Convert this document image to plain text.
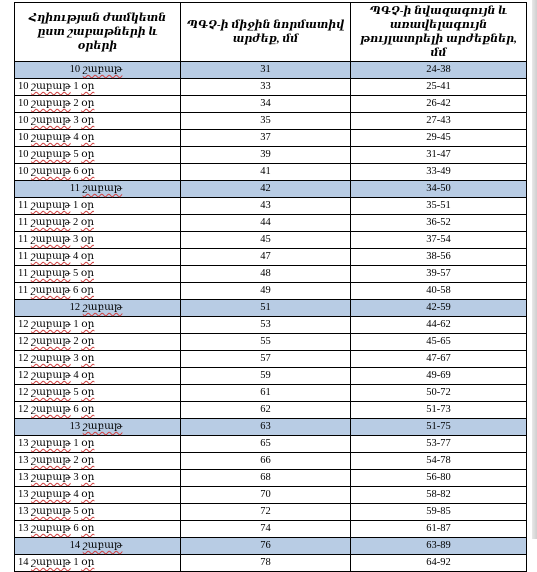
Հղիության ժամկետն ըստ շաբաթների և օրերի	ՊԳՉ-ի միջին նորմատիվ արժեք, մմ	ՊԳՉ-ի նվազագույն և առավելագույն թույլատրելի արժեքներ, մմ
10 շաբաթ	31	24-38
10 շաբաթ 1 օր	33	25-41
10 շաբաթ 2 օր	34	26-42
10 շաբաթ 3 օր	35	27-43
10 շաբաթ 4 օր	37	29-45
10 շաբաթ 5 օր	39	31-47
10 շաբաթ 6 օր	41	33-49
11 շաբաթ	42	34-50
11 շաբաթ 1 օր	43	35-51
11 շաբաթ 2 օր	44	36-52
11 շաբաթ 3 օր	45	37-54
11 շաբաթ 4 օր	47	38-56
11 շաբաթ 5 օր	48	39-57
11 շաբաթ 6 օր	49	40-58
12 շաբաթ	51	42-59
12 շաբաթ 1 օր	53	44-62
12 շաբաթ 2 օր	55	45-65
12 շաբաթ 3 օր	57	47-67
12 շաբաթ 4 օր	59	49-69
12 շաբաթ 5 օր	61	50-72
12 շաբաթ 6 օր	62	51-73
13 շաբաթ	63	51-75
13 շաբաթ 1 օր	65	53-77
13 շաբաթ 2 օր	66	54-78
13 շաբաթ 3 օր	68	56-80
13 շաբաթ 4 օր	70	58-82
13 շաբաթ 5 օր	72	59-85
13 շաբաթ 6 օր	74	61-87
14 շաբաթ	76	63-89
14 շաբաթ 1 օր	78	64-92
